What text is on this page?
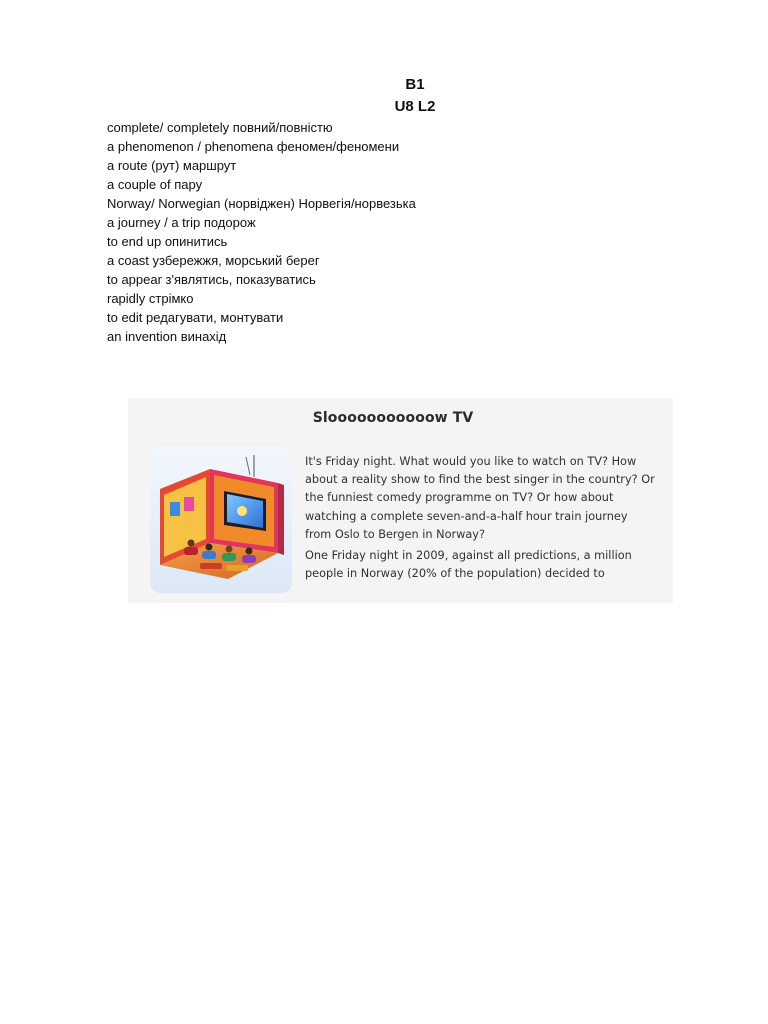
B1
U8 L2
complete/ completely повний/повністю
a phenomenon / phenomena феномен/феномени
a route (рут) маршрут
a couple of пару
Norway/ Norwegian (норвіджен) Норвегія/норвезька
a journey / a trip подорож
to end up опинитись
a coast узбережжя, морський берег
to appear з'являтись, показуватись
rapidly стрімко
to edit редагувати, монтувати
an invention винахід
Slooooooooooow TV

It's Friday night. What would you like to watch on TV? How about a reality show to find the best singer in the country? Or the funniest comedy programme on TV? Or how about watching a complete seven-and-a-half hour train journey from Oslo to Bergen in Norway?

One Friday night in 2009, against all predictions, a million people in Norway (20% of the population) decided to
